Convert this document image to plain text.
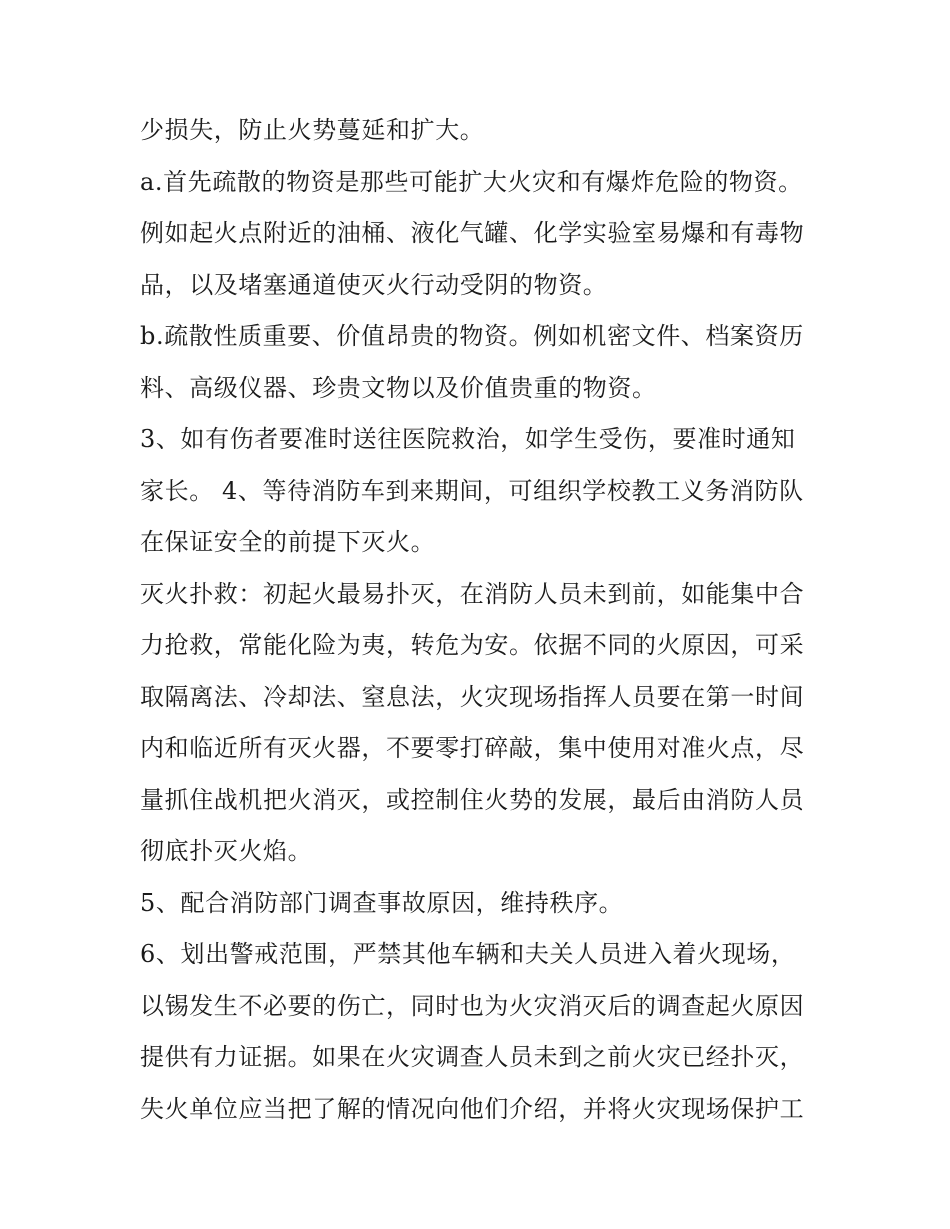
少损失，防止火势蔓延和扩大。
a.首先疏散的物资是那些可能扩大火灾和有爆炸危险的物资。
例如起火点附近的油桶、液化气罐、化学实验室易爆和有毒物
品，以及堵塞通道使灭火行动受阴的物资。
b.疏散性质重要、价值昂贵的物资。例如机密文件、档案资历
料、高级仪器、珍贵文物以及价值贵重的物资。
3、如有伤者要准时送往医院救治，如学生受伤，要准时通知
家长。 4、等待消防车到来期间，可组织学校教工义务消防队
在保证安全的前提下灭火。
灭火扑救：初起火最易扑灭，在消防人员未到前，如能集中合
力抢救，常能化险为夷，转危为安。依据不同的火原因，可采
取隔离法、冷却法、窒息法，火灾现场指挥人员要在第一时间
内和临近所有灭火器，不要零打碎敲，集中使用对准火点，尽
量抓住战机把火消灭，或控制住火势的发展，最后由消防人员
彻底扑灭火焰。
5、配合消防部门调查事故原因，维持秩序。
6、划出警戒范围，严禁其他车辆和夫关人员进入着火现场，
以锡发生不必要的伤亡，同时也为火灾消灭后的调查起火原因
提供有力证据。如果在火灾调查人员未到之前火灾已经扑灭，
失火单位应当把了解的情况向他们介绍，并将火灾现场保护工
